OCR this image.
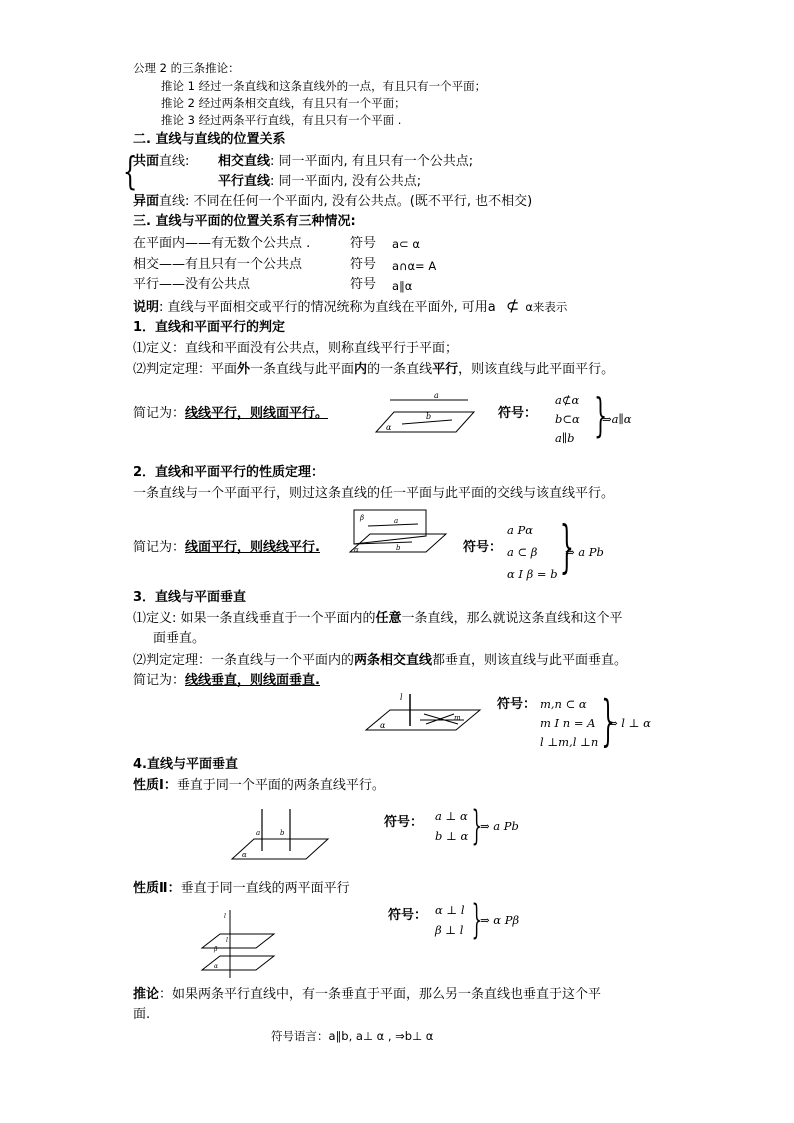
公理 2 的三条推论：
推论 1 经过一条直线和这条直线外的一点，有且只有一个平面；
推论 2 经过两条相交直线，有且只有一个平面；
推论 3 经过两条平行直线，有且只有一个平面 .
二. 直线与直线的位置关系
{
共面直线: 相交直线: 同一平面内, 有且只有一个公共点;
平行直线: 同一平面内, 没有公共点;
异面直线: 不同在任何一个平面内, 没有公共点。(既不平行, 也不相交)
三. 直线与平面的位置关系有三种情况:
在平面内——有无数个公共点 .	符号 a⊂ α
相交——有且只有一个公共点	符号 a∩α= A
平行——没有公共点	符号 a∥α
说明: 直线与平面相交或平行的情况统称为直线在平面外, 可用a ⊄ α来表示
1．直线和平面平行的判定
⑴定义：直线和平面没有公共点，则称直线平行于平面；
⑵判定定理：平面外一条直线与此平面内的一条直线平行，则该直线与此平面平行。
简记为：线线平行，则线面平行。
a
b
α
符号：
a⊄α
b⊂α
a∥b }
⇒a∥α
2．直线和平面平行的性质定理：
一条直线与一个平面平行，则过这条直线的任一平面与此平面的交线与该直线平行。
简记为：线面平行，则线线平行.
a
b
β
α	符号：
a Pα
a ⊂ β
α I β = b }
⇒ a Pb
3．直线与平面垂直
⑴定义: 如果一条直线垂直于一个平面内的任意一条直线，那么就说这条直线和这个平
面垂直。
⑵判定定理：一条直线与一个平面内的两条相交直线都垂直，则该直线与此平面垂直。
简记为：线线垂直，则线面垂直.
l
m
α
符号： m,n ⊂ α
m I n = A
l ⊥m,l ⊥n }
⇒ l ⊥ α
4.直线与平面垂直
性质Ⅰ：垂直于同一个平面的两条直线平行。
a	b
α
符号： a ⊥ α
b ⊥ α }
⇒ a Pb
性质Ⅱ：垂直于同一直线的两平面平行
l
l
β
α
符号： α ⊥ l
β ⊥ l }
⇒ α Pβ
推论：如果两条平行直线中，有一条垂直于平面，那么另一条直线也垂直于这个平
面.
符号语言：a∥b, a⊥ α , ⇒b⊥ α
